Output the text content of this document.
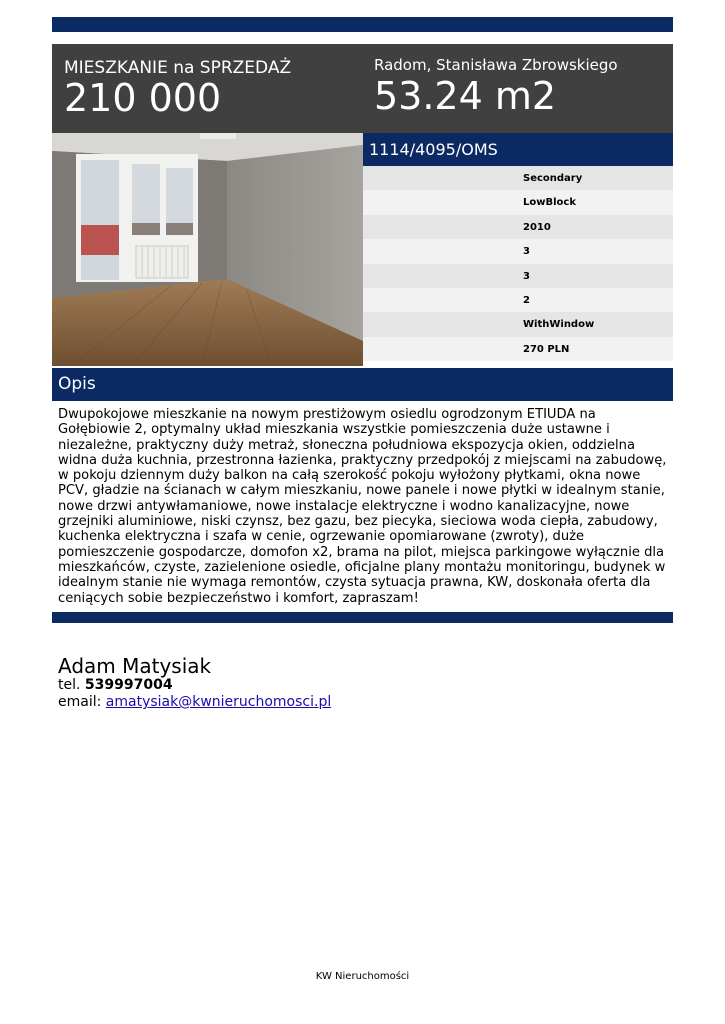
MIESZKANIE na SPRZEDAŻ
210 000
Radom, Stanisława Zbrowskiego
53.24 m2
1114/4095/OMS
Secondary
LowBlock
2010
3
3
2
WithWindow
270 PLN
Opis
Dwupokojowe mieszkanie na nowym prestiżowym osiedlu ogrodzonym ETIUDA na Gołębiowie 2, optymalny układ mieszkania wszystkie pomieszczenia duże ustawne i niezależne, praktyczny duży metraż, słoneczna południowa ekspozycja okien, oddzielna widna duża kuchnia, przestronna łazienka, praktyczny przedpokój z miejscami na zabudowę, w pokoju dziennym duży balkon na całą szerokość pokoju wyłożony płytkami, okna nowe PCV, gładzie na ścianach w całym mieszkaniu, nowe panele i nowe płytki w idealnym stanie, nowe drzwi antywłamaniowe, nowe instalacje elektryczne i wodno kanalizacyjne, nowe grzejniki aluminiowe, niski czynsz, bez gazu, bez piecyka, sieciowa woda ciepła, zabudowy, kuchenka elektryczna i szafa w cenie, ogrzewanie opomiarowane (zwroty), duże pomieszczenie gospodarcze, domofon x2, brama na pilot, miejsca parkingowe wyłącznie dla mieszkańców, czyste, zazielenione osiedle, oficjalne plany montażu monitoringu, budynek w idealnym stanie nie wymaga remontów, czysta sytuacja prawna, KW, doskonała oferta dla ceniących sobie bezpieczeństwo i komfort, zapraszam!
Adam Matysiak
tel. 539997004
email: amatysiak@kwnieruchomosci.pl
KW Nieruchomości
